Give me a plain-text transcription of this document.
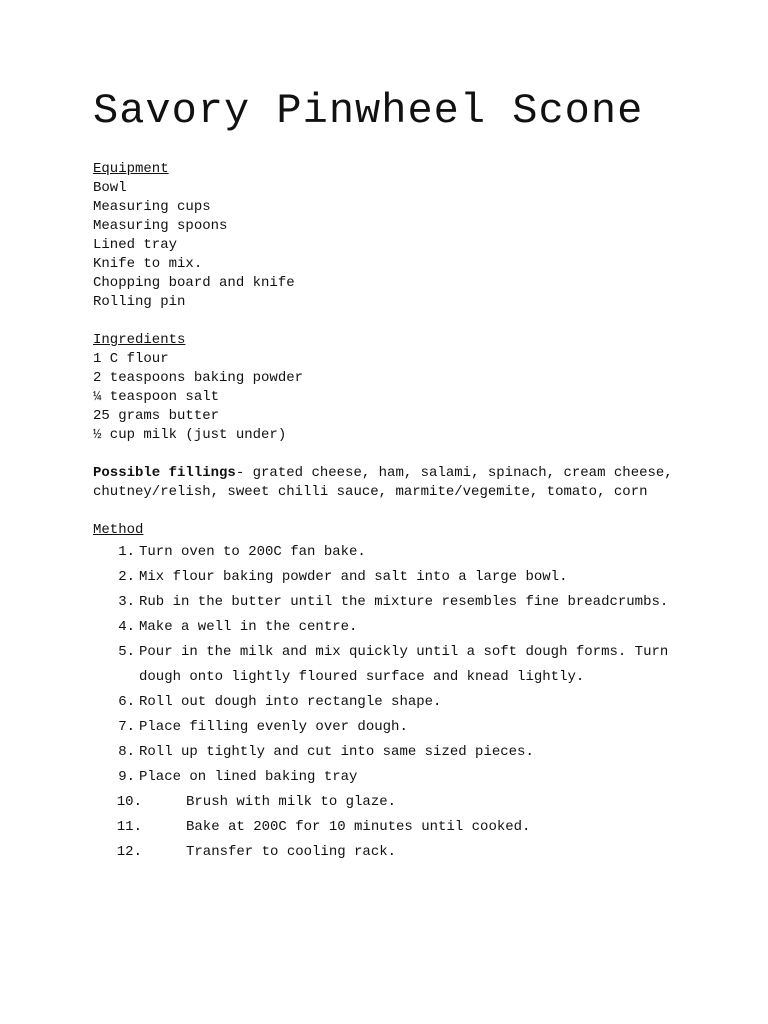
Savory Pinwheel Scone
Equipment
Bowl
Measuring cups
Measuring spoons
Lined tray
Knife to mix.
Chopping board and knife
Rolling pin
Ingredients
1 C flour
2 teaspoons baking powder
¼ teaspoon salt
25 grams butter
½ cup milk (just under)
Possible fillings- grated cheese, ham, salami, spinach, cream cheese, chutney/relish, sweet chilli sauce, marmite/vegemite, tomato, corn
Method
1. Turn oven to 200C fan bake.
2. Mix flour baking powder and salt into a large bowl.
3. Rub in the butter until the mixture resembles fine breadcrumbs.
4. Make a well in the centre.
5. Pour in the milk and mix quickly until a soft dough forms. Turn dough onto lightly floured surface and knead lightly.
6. Roll out dough into rectangle shape.
7. Place filling evenly over dough.
8. Roll up tightly and cut into same sized pieces.
9. Place on lined baking tray
10.	Brush with milk to glaze.
11.	Bake at 200C for 10 minutes until cooked.
12.	Transfer to cooling rack.
